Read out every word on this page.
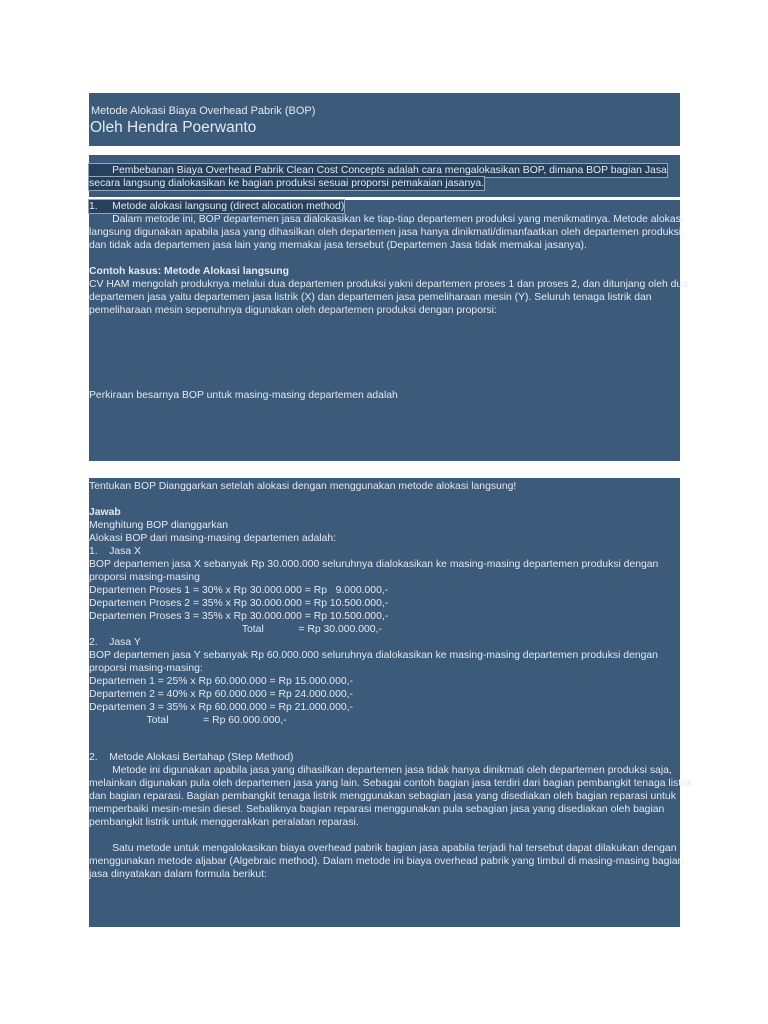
Metode Alokasi Biaya Overhead Pabrik (BOP)
Oleh Hendra Poerwanto
Pembebanan Biaya Overhead Pabrik Clean Cost Concepts adalah cara mengalokasikan BOP, dimana BOP bagian Jasa
secara langsung dialokasikan ke bagian produksi sesuai proporsi pemakaian jasanya.
1.     Metode alokasi langsung (direct alocation method)
Dalam metode ini, BOP departemen jasa dialokasikan ke tiap-tiap departemen produksi yang menikmatinya. Metode alokasi
langsung digunakan apabila jasa yang dihasilkan oleh departemen jasa hanya dinikmati/dimanfaatkan oleh departemen produksi,
dan tidak ada departemen jasa lain yang memakai jasa tersebut (Departemen Jasa tidak memakai jasanya).
Contoh kasus: Metode Alokasi langsung
CV HAM mengolah produknya melalui dua departemen produksi yakni departemen proses 1 dan proses 2, dan ditunjang oleh dua
departemen jasa yaitu departemen jasa listrik (X) dan departemen jasa pemeliharaan mesin (Y). Seluruh tenaga listrik dan
pemeliharaan mesin sepenuhnya digunakan oleh departemen produksi dengan proporsi:
Perkiraan besarnya BOP untuk masing-masing departemen adalah
Tentukan BOP Dianggarkan setelah alokasi dengan menggunakan metode alokasi langsung!
Jawab
Menghitung BOP dianggarkan
Alokasi BOP dari masing-masing departemen adalah:
1.    Jasa X
BOP departemen jasa X sebanyak Rp 30.000.000 seluruhnya dialokasikan ke masing-masing departemen produksi dengan
proporsi masing-masing
Departemen Proses 1 = 30% x Rp 30.000.000 = Rp   9.000.000,-
Departemen Proses 2 = 35% x Rp 30.000.000 = Rp 10.500.000,-
Departemen Proses 3 = 35% x Rp 30.000.000 = Rp 10.500.000,-
Total            = Rp 30.000.000,-
2.    Jasa Y
BOP departemen jasa Y sebanyak Rp 60.000.000 seluruhnya dialokasikan ke masing-masing departemen produksi dengan
proporsi masing-masing:
Departemen 1 = 25% x Rp 60.000.000 = Rp 15.000.000,-
Departemen 2 = 40% x Rp 60.000.000 = Rp 24.000.000,-
Departemen 3 = 35% x Rp 60.000.000 = Rp 21.000.000,-
Total            = Rp 60.000.000,-
2.    Metode Alokasi Bertahap (Step Method)
Metode ini digunakan apabila jasa yang dihasilkan departemen jasa tidak hanya dinikmati oleh departemen produksi saja,
melainkan digunakan pula oleh departemen jasa yang lain. Sebagai contoh bagian jasa terdiri dari bagian pembangkit tenaga listrik
dan bagian reparasi. Bagian pembangkit tenaga listrik menggunakan sebagian jasa yang disediakan oleh bagian reparasi untuk
memperbaiki mesin-mesin diesel. Sebaliknya bagian reparasi menggunakan pula sebagian jasa yang disediakan oleh bagian
pembangkit listrik untuk menggerakkan peralatan reparasi.
Satu metode untuk mengalokasikan biaya overhead pabrik bagian jasa apabila terjadi hal tersebut dapat dilakukan dengan
menggunakan metode aljabar (Algebraic method). Dalam metode ini biaya overhead pabrik yang timbul di masing-masing bagian
jasa dinyatakan dalam formula berikut:
